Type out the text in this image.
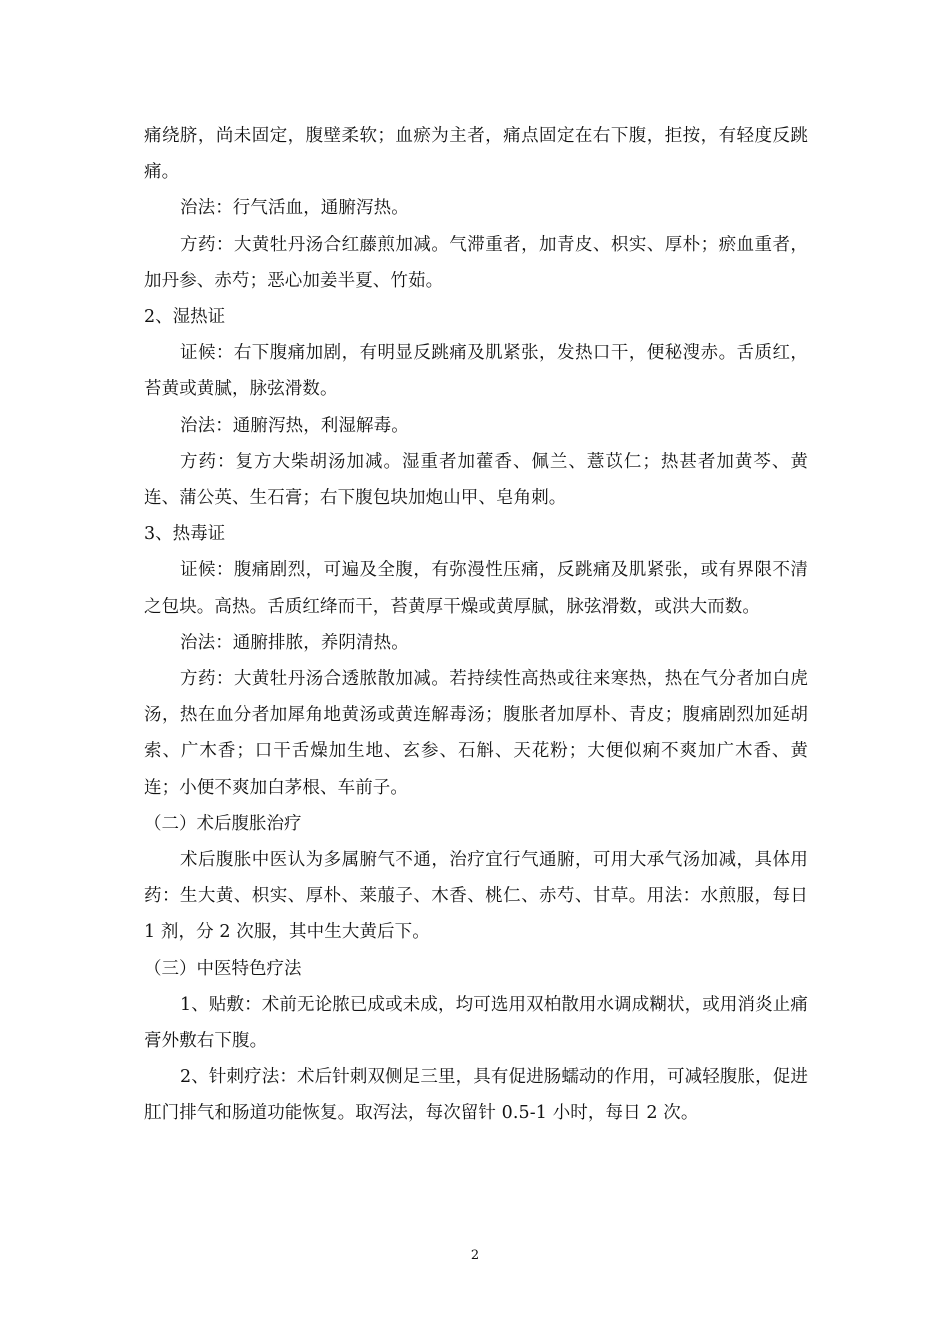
痛绕脐，尚未固定，腹壁柔软；血瘀为主者，痛点固定在右下腹，拒按，有轻度反跳痛。

治法：行气活血，通腑泻热。

方药：大黄牡丹汤合红藤煎加减。气滞重者，加青皮、枳实、厚朴；瘀血重者，加丹参、赤芍；恶心加姜半夏、竹茹。

2、湿热证

证候：右下腹痛加剧，有明显反跳痛及肌紧张，发热口干，便秘溲赤。舌质红，苔黄或黄腻，脉弦滑数。

治法：通腑泻热，利湿解毒。

方药：复方大柴胡汤加减。湿重者加藿香、佩兰、薏苡仁；热甚者加黄芩、黄连、蒲公英、生石膏；右下腹包块加炮山甲、皂角刺。

3、热毒证

证候：腹痛剧烈，可遍及全腹，有弥漫性压痛，反跳痛及肌紧张，或有界限不清之包块。高热。舌质红绛而干，苔黄厚干燥或黄厚腻，脉弦滑数，或洪大而数。

治法：通腑排脓，养阴清热。

方药：大黄牡丹汤合透脓散加减。若持续性高热或往来寒热，热在气分者加白虎汤，热在血分者加犀角地黄汤或黄连解毒汤；腹胀者加厚朴、青皮；腹痛剧烈加延胡索、广木香；口干舌燥加生地、玄参、石斛、天花粉；大便似痢不爽加广木香、黄连；小便不爽加白茅根、车前子。

（二）术后腹胀治疗

术后腹胀中医认为多属腑气不通，治疗宜行气通腑，可用大承气汤加减，具体用药：生大黄、枳实、厚朴、莱菔子、木香、桃仁、赤芍、甘草。用法：水煎服，每日 1 剂，分 2 次服，其中生大黄后下。

（三）中医特色疗法

1、贴敷：术前无论脓已成或未成，均可选用双柏散用水调成糊状，或用消炎止痛膏外敷右下腹。

2、针刺疗法：术后针刺双侧足三里，具有促进肠蠕动的作用，可减轻腹胀，促进肛门排气和肠道功能恢复。取泻法，每次留针 0.5-1 小时，每日 2 次。

2
